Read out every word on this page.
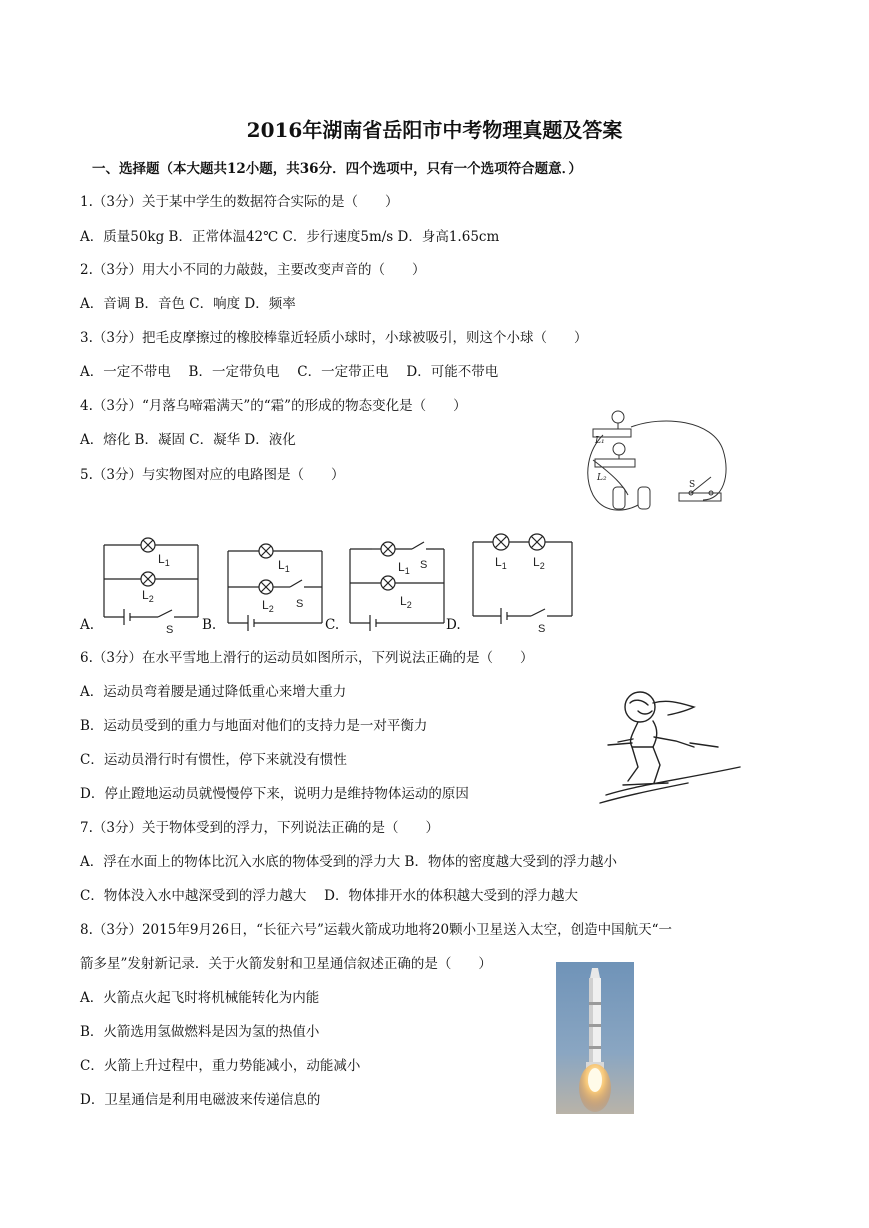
2016年湖南省岳阳市中考物理真题及答案
一、选择题（本大题共12小题，共36分．四个选项中，只有一个选项符合题意．）
1.（3分）关于某中学生的数据符合实际的是（　　）
A．质量50kg B．正常体温42℃ C．步行速度5m/s D．身高1.65cm
2.（3分）用大小不同的力敲鼓，主要改变声音的（　　）
A．音调 B．音色 C．响度 D．频率
3.（3分）把毛皮摩擦过的橡胶棒靠近轻质小球时，小球被吸引，则这个小球（　　）
A．一定不带电　 B．一定带负电　 C．一定带正电　 D．可能不带电
4.（3分）“月落乌啼霜满天”的“霜”的形成的物态变化是（　　）
A．熔化 B．凝固 C．凝华 D．液化
5.（3分）与实物图对应的电路图是（　　）
L₁
L₂
S
A.
$L_1$
$L_2$
S B.
$L_1$
$L_2$ S
C.
$L_1$ S
$L_2$
D.
$L_1$ $L_2$
S
6.（3分）在水平雪地上滑行的运动员如图所示，下列说法正确的是（　　）
A．运动员弯着腰是通过降低重心来增大重力
B．运动员受到的重力与地面对他们的支持力是一对平衡力
C．运动员滑行时有惯性，停下来就没有惯性
D．停止蹬地运动员就慢慢停下来，说明力是维持物体运动的原因
7.（3分）关于物体受到的浮力，下列说法正确的是（　　）
A．浮在水面上的物体比沉入水底的物体受到的浮力大 B．物体的密度越大受到的浮力越小
C．物体没入水中越深受到的浮力越大　 D．物体排开水的体积越大受到的浮力越大
8.（3分）2015年9月26日，“长征六号”运载火箭成功地将20颗小卫星送入太空，创造中国航天“一
箭多星”发射新记录．关于火箭发射和卫星通信叙述正确的是（　　）
A．火箭点火起飞时将机械能转化为内能
B．火箭选用氢做燃料是因为氢的热值小
C．火箭上升过程中，重力势能减小，动能减小
D．卫星通信是利用电磁波来传递信息的
